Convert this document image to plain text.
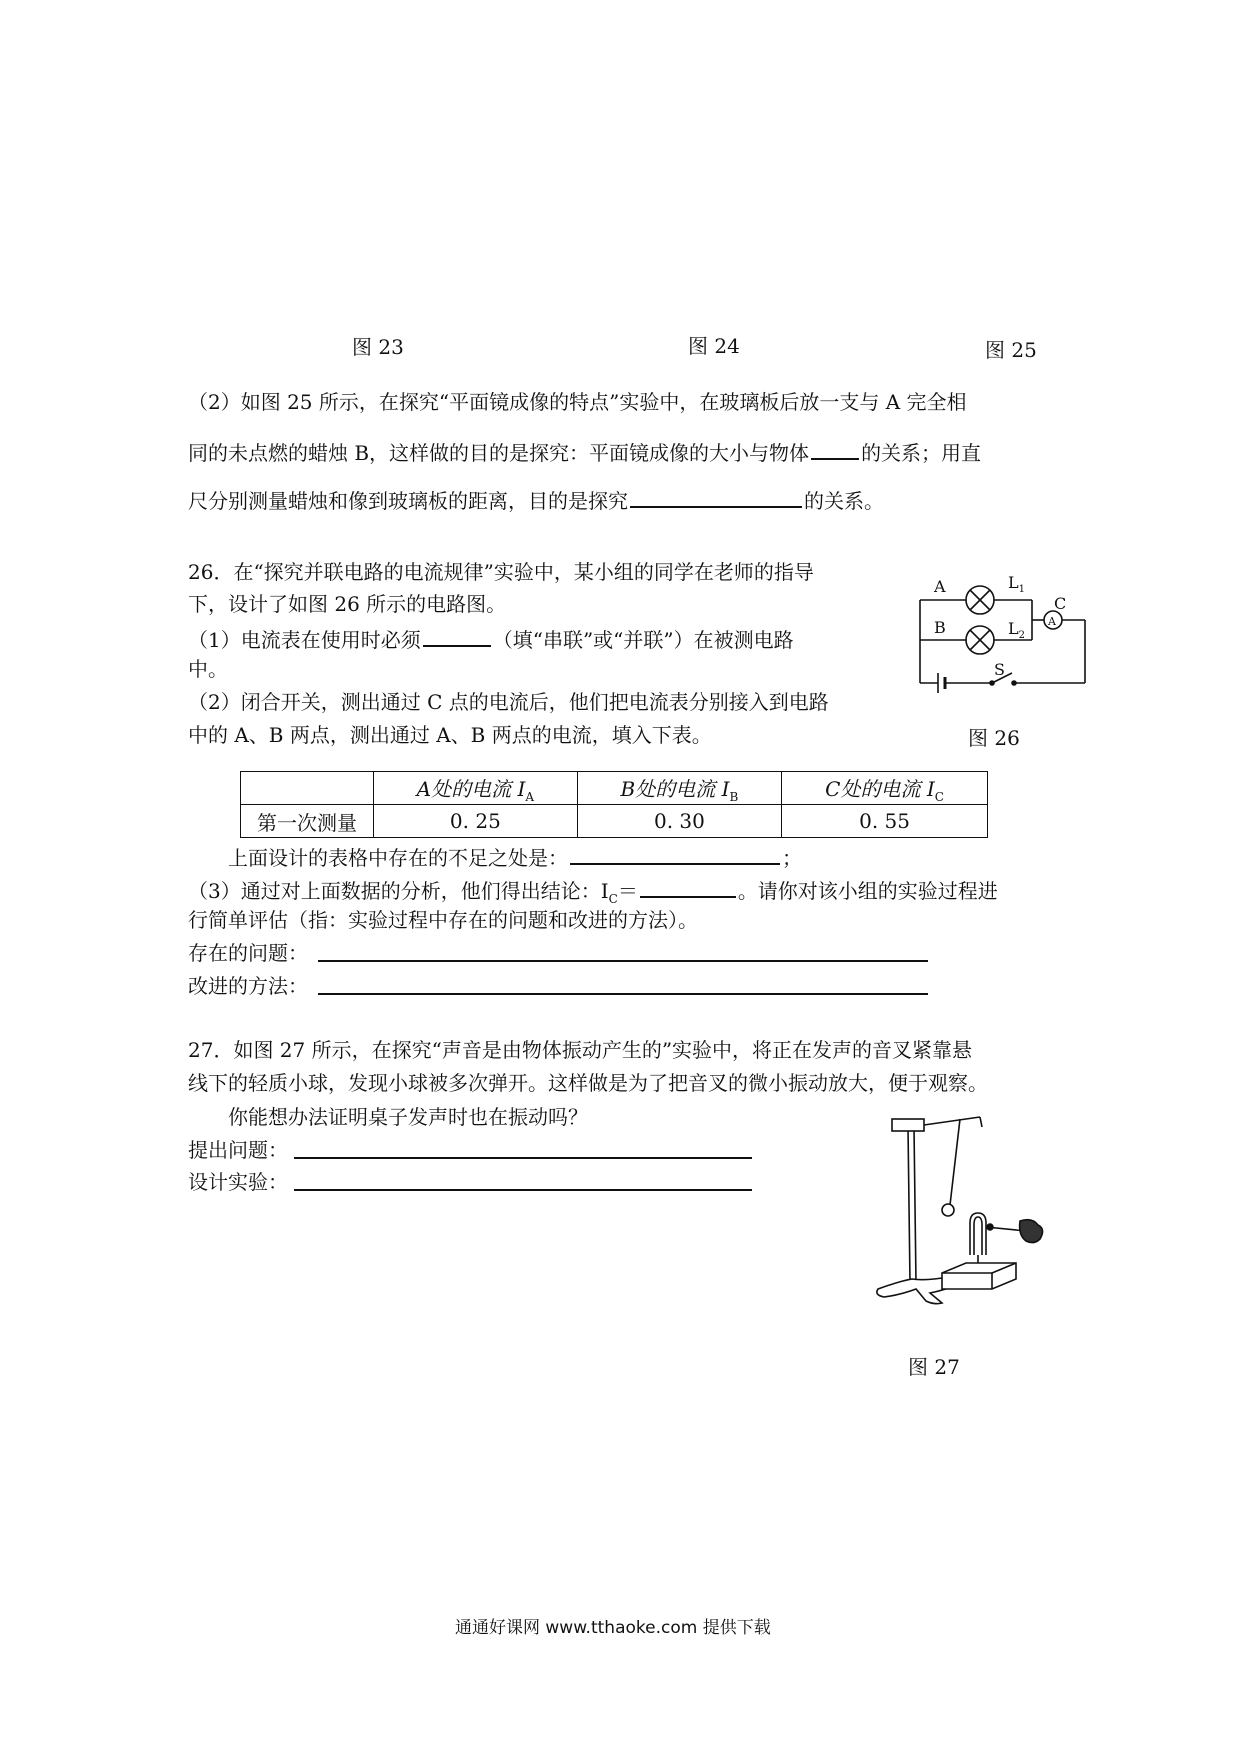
图 23	图 24	图 25
（2）如图 25 所示，在探究“平面镜成像的特点”实验中，在玻璃板后放一支与 A 完全相
同的未点燃的蜡烛 B，这样做的目的是探究：平面镜成像的大小与物体	的关系；用直
尺分别测量蜡烛和像到玻璃板的距离，目的是探究	的关系。
26．在“探究并联电路的电流规律”实验中，某小组的同学在老师的指导
下，设计了如图 26 所示的电路图。
（1）电流表在使用时必须	（填“串联”或“并联”）在被测电路
中。
（2）闭合开关，测出通过 C 点的电流后，他们把电流表分别接入到电路
中的 A、B 两点，测出通过 A、B 两点的电流，填入下表。
A
B
$L_1$
$L_2$
C
A
S
图 26
	A处的电流 $I_A$	B处的电流 $I_B$	C处的电流 $I_C$
第一次测量	0. 25	0. 30	0. 55
上面设计的表格中存在的不足之处是：	；
（3）通过对上面数据的分析，他们得出结论：$I_C=$	。请你对该小组的实验过程进
行简单评估（指：实验过程中存在的问题和改进的方法）。
存在的问题：
改进的方法：
27．如图 27 所示，在探究“声音是由物体振动产生的”实验中，将正在发声的音叉紧靠悬
线下的轻质小球，发现小球被多次弹开。这样做是为了把音叉的微小振动放大，便于观察。
你能想办法证明桌子发声时也在振动吗？
提出问题：
设计实验：
图 27
通通好课网 www.tthaoke.com 提供下载
